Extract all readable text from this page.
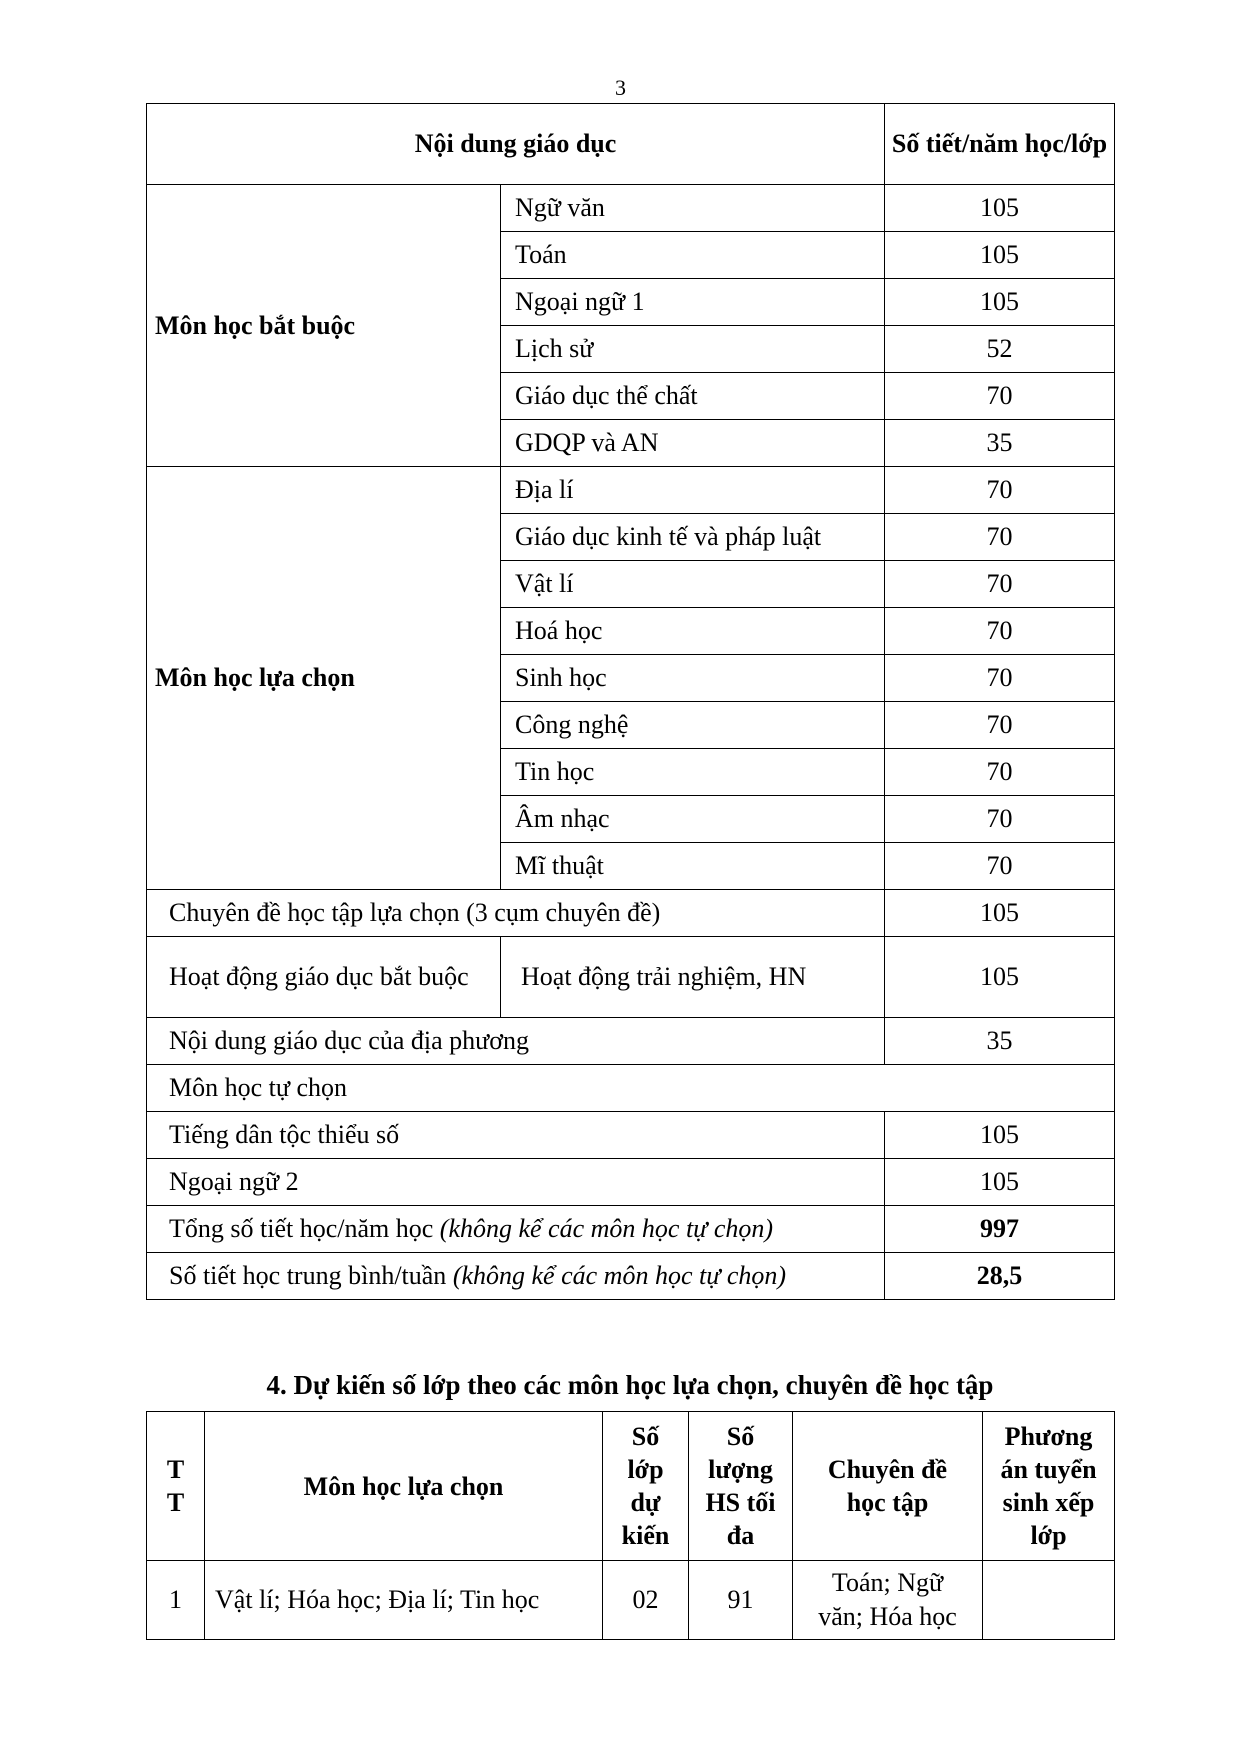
3
Nội dung giáo dục		Số tiết/năm học/lớp
Môn học bắt buộc	Ngữ văn	105
	Toán	105
	Ngoại ngữ 1	105
	Lịch sử	52
	Giáo dục thể chất	70
	GDQP và AN	35
Môn học lựa chọn	Địa lí	70
	Giáo dục kinh tế và pháp luật	70
	Vật lí	70
	Hoá học	70
	Sinh học	70
	Công nghệ	70
	Tin học	70
	Âm nhạc	70
	Mĩ thuật	70
Chuyên đề học tập lựa chọn (3 cụm chuyên đề)		105
Hoạt động giáo dục bắt buộc	Hoạt động trải nghiệm, HN	105
Nội dung giáo dục của địa phương		35
Môn học tự chọn		
Tiếng dân tộc thiểu số		105
Ngoại ngữ 2		105
Tổng số tiết học/năm học (không kể các môn học tự chọn)		997
Số tiết học trung bình/tuần (không kể các môn học tự chọn)		28,5
4. Dự kiến số lớp theo các môn học lựa chọn, chuyên đề học tập
T T	Môn học lựa chọn	Số lớp dự kiến	Số lượng HS tối đa	Chuyên đề học tập	Phương án tuyển sinh xếp lớp
1	Vật lí; Hóa học; Địa lí; Tin học	02	91	Toán; Ngữ văn; Hóa học	
